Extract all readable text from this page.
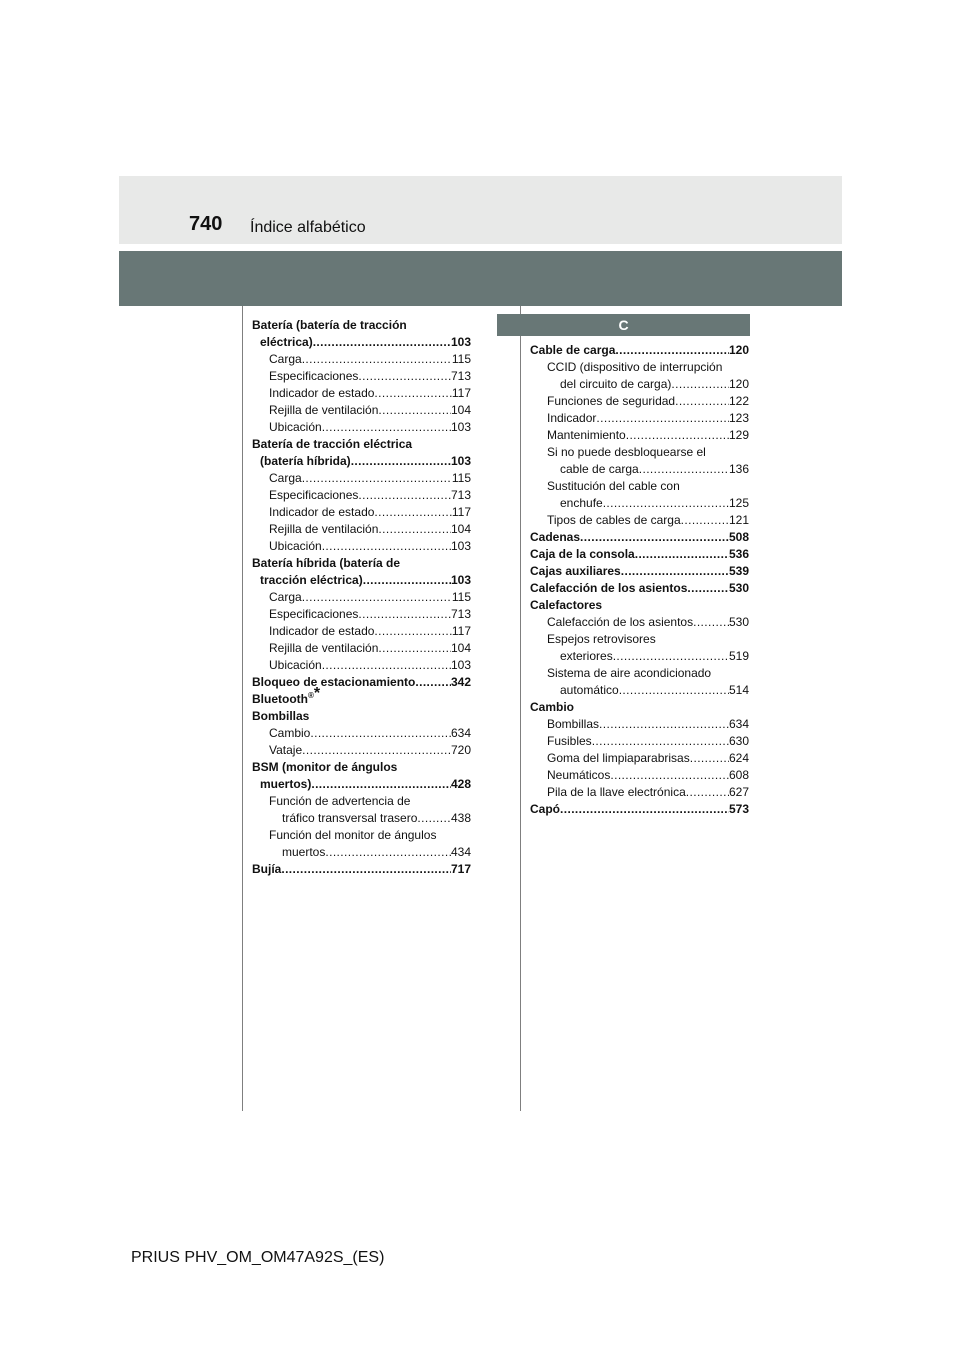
740 Índice alfabético
C
Batería (batería de tracción
eléctrica) .....	103
Carga .....	115
Especificaciones .....	713
Indicador de estado .....	117
Rejilla de ventilación .....	104
Ubicación .....	103
Batería de tracción eléctrica
(batería híbrida) .....	103
Carga .....	115
Especificaciones .....	713
Indicador de estado .....	117
Rejilla de ventilación .....	104
Ubicación .....	103
Batería híbrida (batería de
tracción eléctrica) .....	103
Carga .....	115
Especificaciones .....	713
Indicador de estado .....	117
Rejilla de ventilación .....	104
Ubicación .....	103
Bloqueo de estacionamiento .....	342
Bluetooth®*
Bombillas
Cambio .....	634
Vataje .....	720
BSM (monitor de ángulos
muertos) .....	428
Función de advertencia de
tráfico transversal trasero .....	438
Función del monitor de ángulos
muertos .....	434
Bujía .....	717
Cable de carga .....	120
CCID (dispositivo de interrupción
del circuito de carga) .....	120
Funciones de seguridad .....	122
Indicador .....	123
Mantenimiento .....	129
Si no puede desbloquearse el
cable de carga .....	136
Sustitución del cable con
enchufe .....	125
Tipos de cables de carga .....	121
Cadenas .....	508
Caja de la consola .....	536
Cajas auxiliares .....	539
Calefacción de los asientos .....	530
Calefactores
Calefacción de los asientos .....	530
Espejos retrovisores
exteriores .....	519
Sistema de aire acondicionado
automático .....	514
Cambio
Bombillas .....	634
Fusibles .....	630
Goma del limpiaparabrisas .....	624
Neumáticos .....	608
Pila de la llave electrónica .....	627
Capó .....	573
PRIUS PHV_OM_OM47A92S_(ES)
